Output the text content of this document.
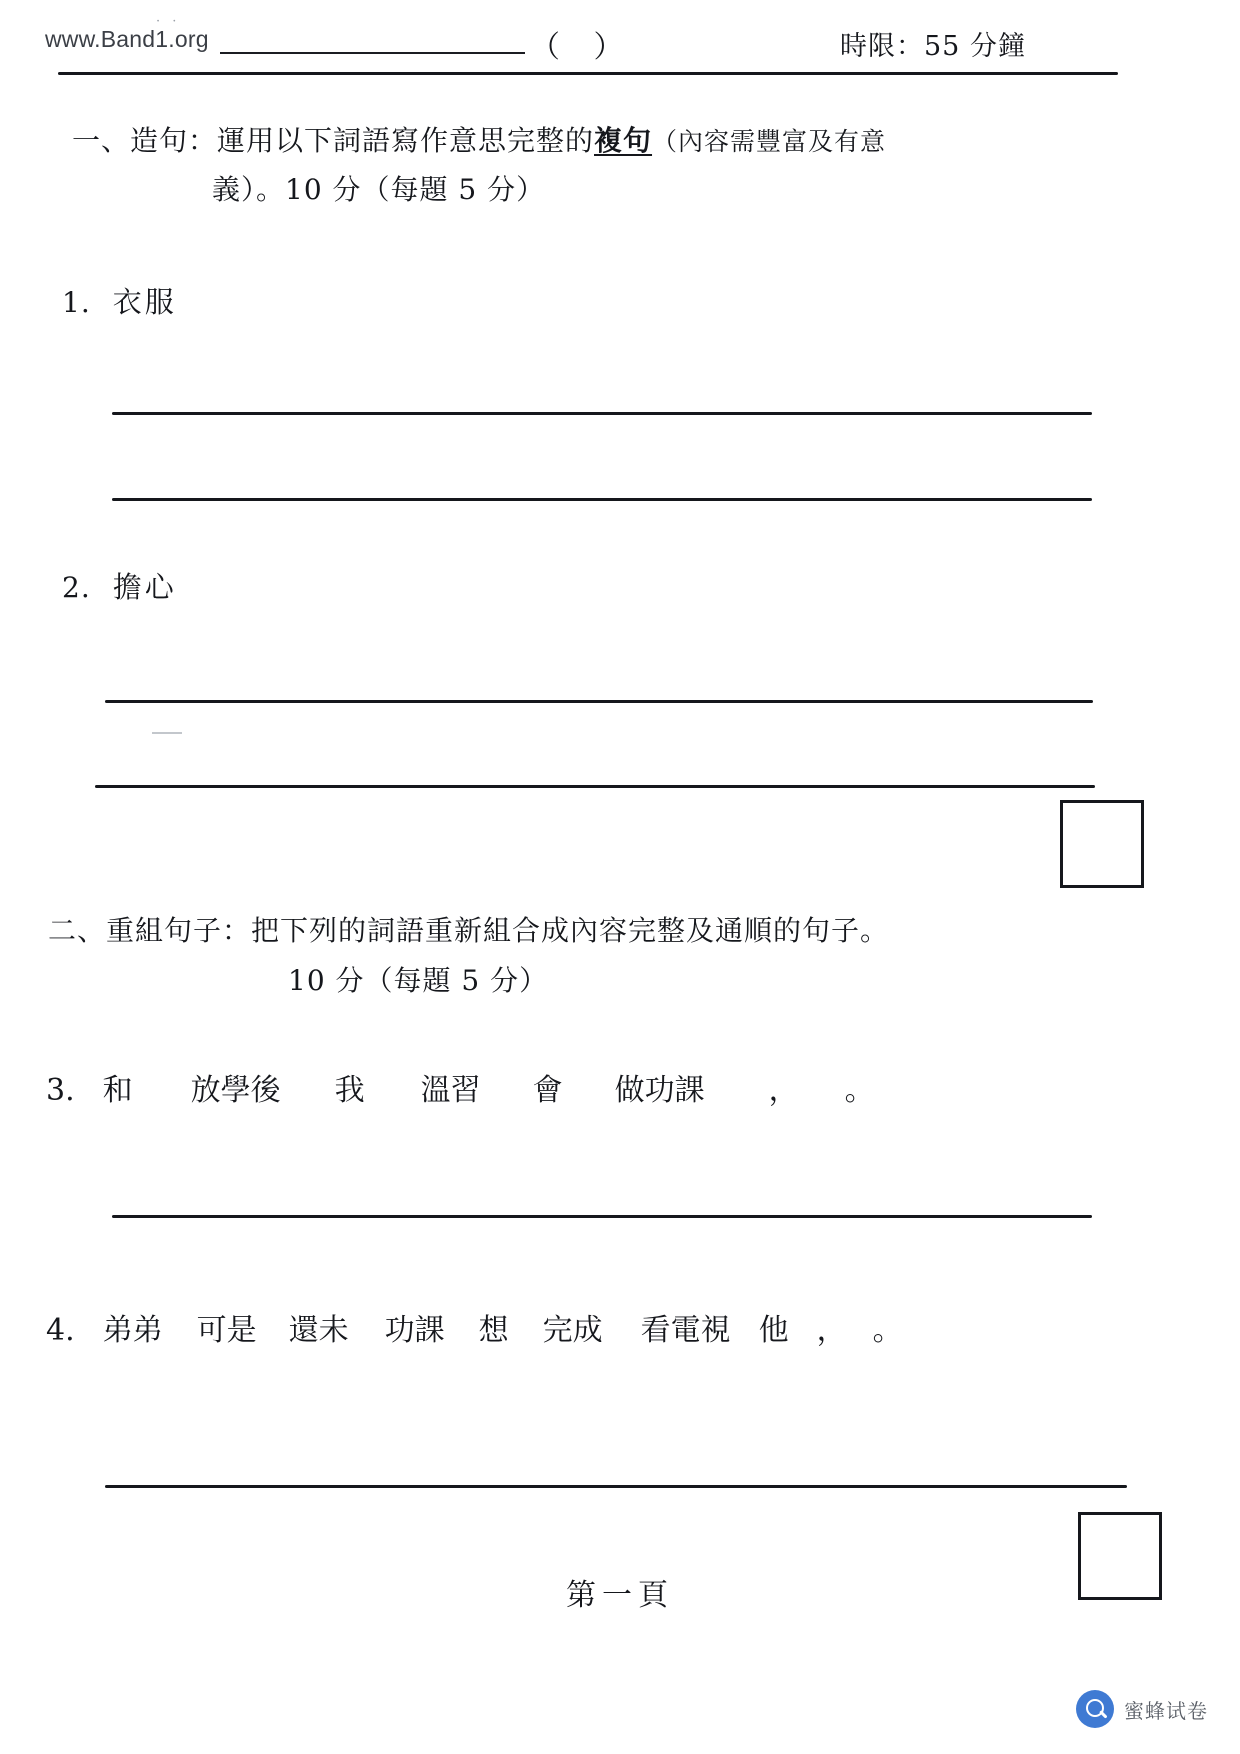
www.Band1.org
· ·
（ ）	時限：55 分鐘
一、造句：運用以下詞語寫作意思完整的複句（內容需豐富及有意
義）。10 分（每題 5 分）
1. 衣服
2. 擔心
二、重組句子：把下列的詞語重新組合成內容完整及通順的句子。
10 分（每題 5 分）
3. 和 放學後 我 溫習 會 做功課 ， 。
4. 弟弟 可是 還未 功課 想 完成 看電視 他 ， 。
第一頁
蜜蜂试卷
